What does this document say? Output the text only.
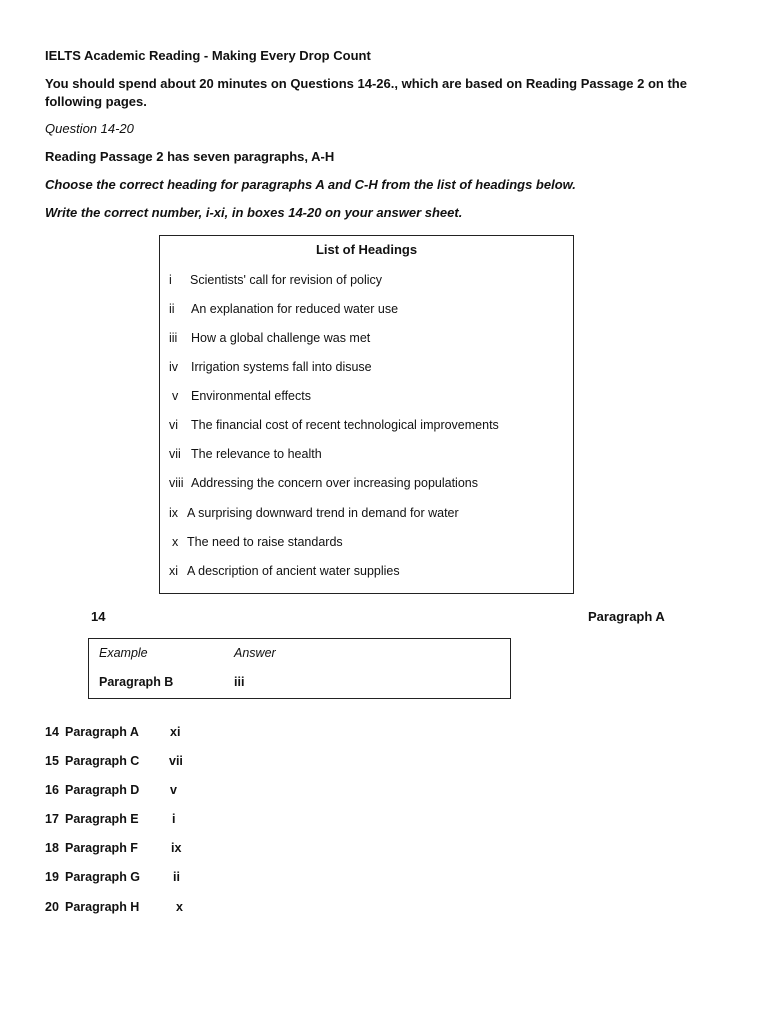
IELTS Academic Reading - Making Every Drop Count
You should spend about 20 minutes on Questions 14-26., which are based on Reading Passage 2 on the following pages.
Question 14-20
Reading Passage 2 has seven paragraphs, A-H
Choose the correct heading for paragraphs A and C-H from the list of headings below.
Write the correct number, i-xi, in boxes 14-20 on your answer sheet.
List of Headings
i Scientists' call for revision of policy
ii An explanation for reduced water use
iii How a global challenge was met
iv Irrigation systems fall into disuse
v Environmental effects
vi The financial cost of recent technological improvements
vii The relevance to health
viii Addressing the concern over increasing populations
ix A surprising downward trend in demand for water
x The need to raise standards
xi A description of ancient water supplies
14	Paragraph A
Example	Answer
Paragraph B	iii
14 Paragraph A xi
15 Paragraph C vii
16 Paragraph D v
17 Paragraph E	i
18 Paragraph F	ix
19 Paragraph G	ii
20 Paragraph H	x
